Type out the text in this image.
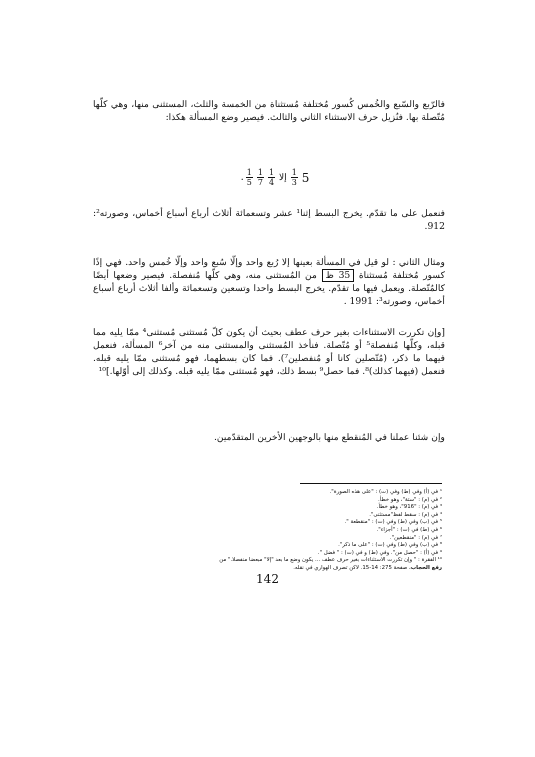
فالرّبع والسّبع والخُمس كُسور مُختلفة مُستثناة من الخمسة والثلث، المستثنى منها، وهي كلّها مُتّصلة بها. فنُزيل حرف الاستثناء الثاني والثالث. فيصير وضع المسألة هكذا:

. $\frac{1}{5} \frac{1}{7} \frac{1}{4}$ إلا $\frac{1}{3} 5$

فنعمل على ما تقدّم. يخرج البسط إثنا¹ عشر وتسعمائة أثلاث أرباع أسباع أخماس، وصورته²: 912.

ومثال الثاني : لو قيل في المسألة بعينها إلا رُبع واحد وإلّا سُبع واحد وإلّا خُمس واحد. فهي إذًا كسور مُختلفة مُستثناة 35 ظ من المُستثنى منه، وهي كلّها مُنفصلة. فيصير وضعها أيضًا كالمُتّصلة. ويعمل فيها ما تقدّم. يخرج البسط واحدا وتسعين وتسعمائة وألفا أثلاث أرباع أسباع أخماس، وصورته³: 1991 .

[وإن تكررت الاستثناءات بغير حرف عطف بحيث أن يكون كلّ مُستثنى مُستثنى⁴ ممّا يليه مما قبله، وكلّها مُنفصلة⁵ أو مُتّصلة. فنأخذ المُستثنى والمستثنى منه من آخر⁶ المسألة، فنعمل فيهما ما ذكر، (مُتّصلين كانا أو مُنفصلين⁷). فما كان بسطهما، فهو مُستثنى ممّا يليه قبله. فنعمل (فيهما كذلك)⁸. فما حصل⁹ بسط ذلك، فهو مُستثنى ممّا يليه قبله. وكذلك إلى أوّلها.]¹⁰

وإن شئنا عملنا في المُنقطع منها بالوجهين الأخرين المتقدّمين.

¹ في (أ) وفي (ط) وفي (ت) : "على هذه الصورة".
² في (م) : "ستة"، وهو خطأ.
³ في (م) : "916"، وهو خطأ.
⁴ في (م) : سقط لفظ"مستثنى".
⁵ في (ب) وفي (ط) وفي (ت) : "منقطعة ".
⁶ في (ط) في (ت) : "أجزاء".
⁷ في (م) : "منقطعين".
⁸ في (ب) وفي (ط) وفي (ت) : "على ما ذكر".
⁹ في (أ) : "حصل من". وفي (ط) و في (ت) : " فضل ".
¹⁰ الفقرة : " وإن تكررت الاستثناءات بغير حرف عطف ... يكون وضع ما بعد "إلا" مبعضا منفصلا." من
رفع الحجاب، صفحة 275: 14-15. لاكن تصرف الهواري في نقله.
142
